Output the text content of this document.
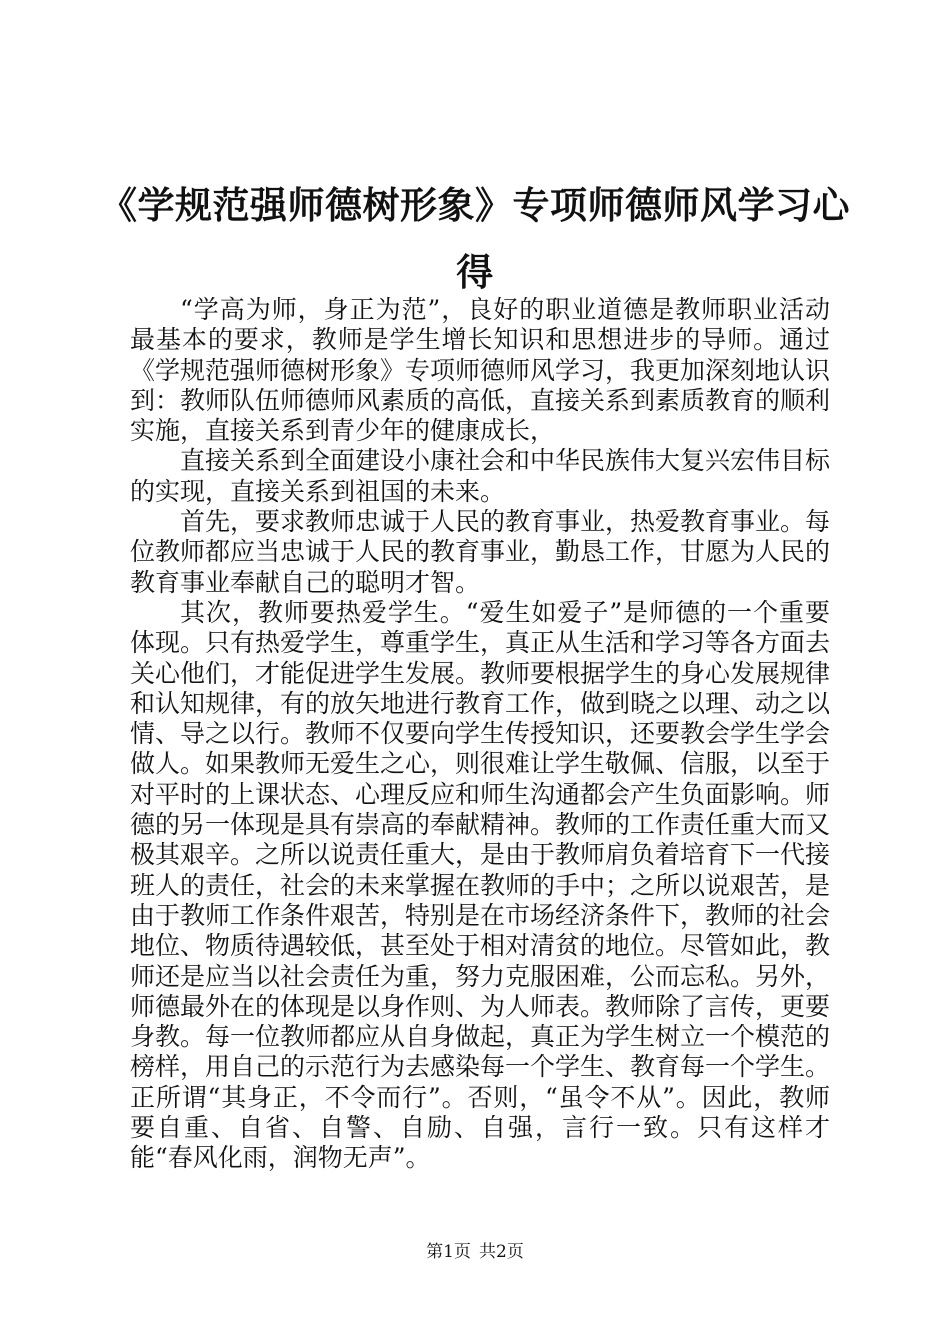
《学规范强师德树形象》专项师德师风学习心得

“学高为师，身正为范”，良好的职业道德是教师职业活动最基本的要求，教师是学生增长知识和思想进步的导师。通过《学规范强师德树形象》专项师德师风学习，我更加深刻地认识到：教师队伍师德师风素质的高低，直接关系到素质教育的顺利实施，直接关系到青少年的健康成长，

直接关系到全面建设小康社会和中华民族伟大复兴宏伟目标的实现，直接关系到祖国的未来。

首先，要求教师忠诚于人民的教育事业，热爱教育事业。每位教师都应当忠诚于人民的教育事业，勤恳工作，甘愿为人民的教育事业奉献自己的聪明才智。

其次，教师要热爱学生。“爱生如爱子”是师德的一个重要体现。只有热爱学生，尊重学生，真正从生活和学习等各方面去关心他们，才能促进学生发展。教师要根据学生的身心发展规律和认知规律，有的放矢地进行教育工作，做到晓之以理、动之以情、导之以行。教师不仅要向学生传授知识，还要教会学生学会做人。如果教师无爱生之心，则很难让学生敬佩、信服，以至于对平时的上课状态、心理反应和师生沟通都会产生负面影响。师德的另一体现是具有崇高的奉献精神。教师的工作责任重大而又极其艰辛。之所以说责任重大，是由于教师肩负着培育下一代接班人的责任，社会的未来掌握在教师的手中；之所以说艰苦，是由于教师工作条件艰苦，特别是在市场经济条件下，教师的社会地位、物质待遇较低，甚至处于相对清贫的地位。尽管如此，教师还是应当以社会责任为重，努力克服困难，公而忘私。另外，师德最外在的体现是以身作则、为人师表。教师除了言传，更要身教。每一位教师都应从自身做起，真正为学生树立一个模范的榜样，用自己的示范行为去感染每一个学生、教育每一个学生。正所谓“其身正，不令而行”。否则，“虽令不从”。因此，教师要自重、自省、自警、自励、自强，言行一致。只有这样才能“春风化雨，润物无声”。

第1页 共2页
